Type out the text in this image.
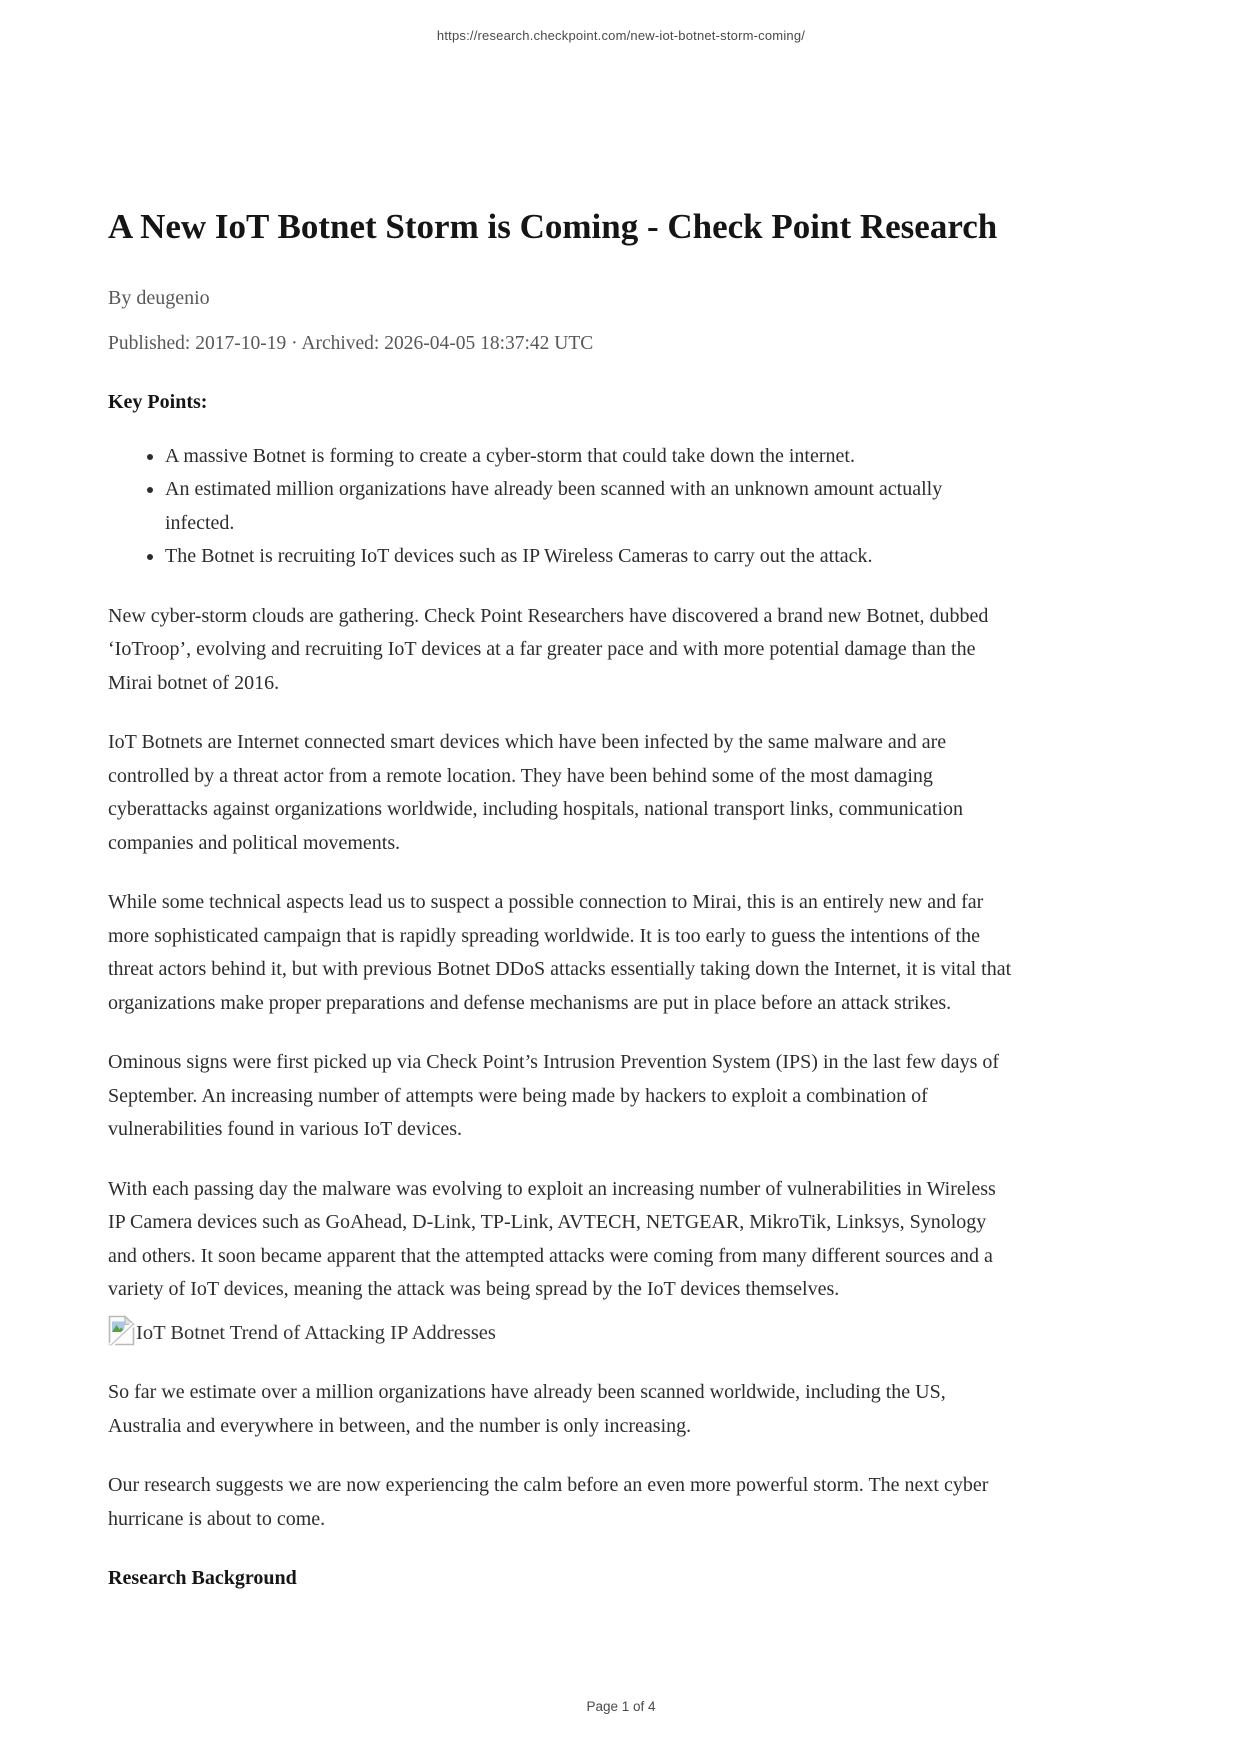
https://research.checkpoint.com/new-iot-botnet-storm-coming/
A New IoT Botnet Storm is Coming - Check Point Research

By deugenio

Published: 2017-10-19 · Archived: 2026-04-05 18:37:42 UTC

Key Points:

• A massive Botnet is forming to create a cyber-storm that could take down the internet.
• An estimated million organizations have already been scanned with an unknown amount actually infected.
• The Botnet is recruiting IoT devices such as IP Wireless Cameras to carry out the attack.

New cyber-storm clouds are gathering. Check Point Researchers have discovered a brand new Botnet, dubbed ‘IoTroop’, evolving and recruiting IoT devices at a far greater pace and with more potential damage than the Mirai botnet of 2016.

IoT Botnets are Internet connected smart devices which have been infected by the same malware and are controlled by a threat actor from a remote location. They have been behind some of the most damaging cyberattacks against organizations worldwide, including hospitals, national transport links, communication companies and political movements.

While some technical aspects lead us to suspect a possible connection to Mirai, this is an entirely new and far more sophisticated campaign that is rapidly spreading worldwide. It is too early to guess the intentions of the threat actors behind it, but with previous Botnet DDoS attacks essentially taking down the Internet, it is vital that organizations make proper preparations and defense mechanisms are put in place before an attack strikes.

Ominous signs were first picked up via Check Point’s Intrusion Prevention System (IPS) in the last few days of September. An increasing number of attempts were being made by hackers to exploit a combination of vulnerabilities found in various IoT devices.

With each passing day the malware was evolving to exploit an increasing number of vulnerabilities in Wireless IP Camera devices such as GoAhead, D-Link, TP-Link, AVTECH, NETGEAR, MikroTik, Linksys, Synology and others. It soon became apparent that the attempted attacks were coming from many different sources and a variety of IoT devices, meaning the attack was being spread by the IoT devices themselves.

IoT Botnet Trend of Attacking IP Addresses

So far we estimate over a million organizations have already been scanned worldwide, including the US, Australia and everywhere in between, and the number is only increasing.

Our research suggests we are now experiencing the calm before an even more powerful storm. The next cyber hurricane is about to come.

Research Background

Page 1 of 4
